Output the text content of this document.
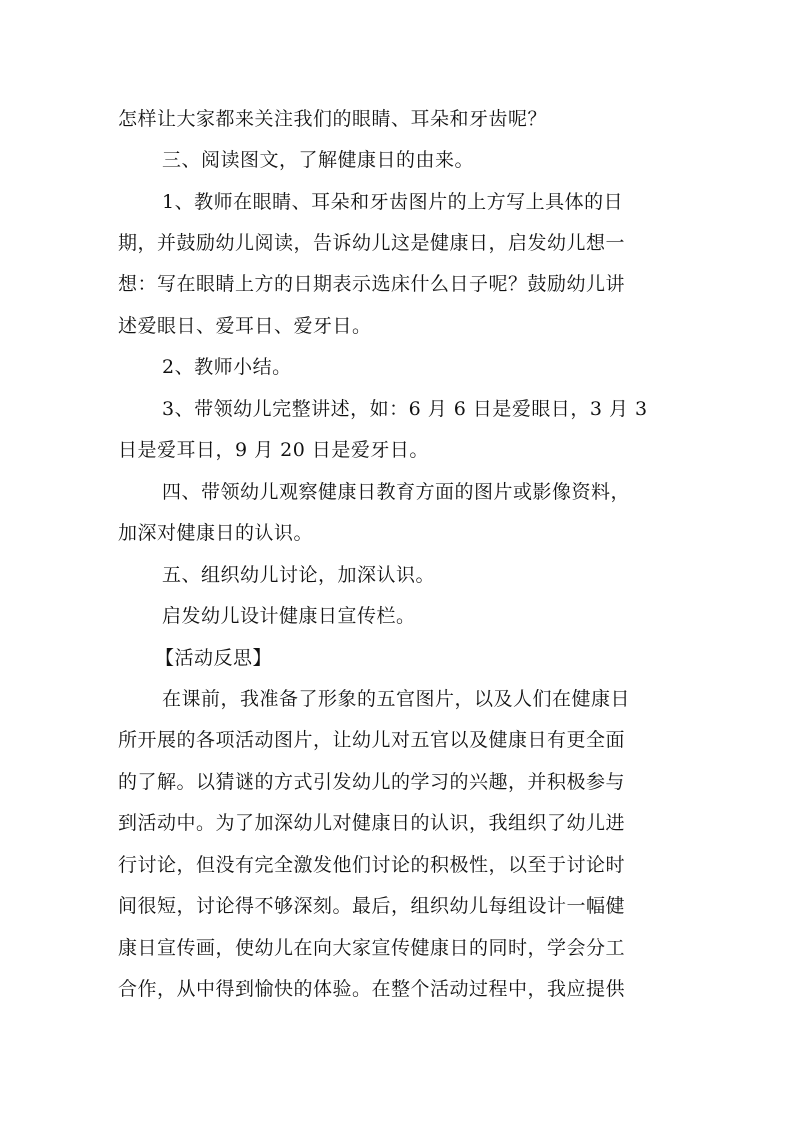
怎样让大家都来关注我们的眼睛、耳朵和牙齿呢？
三、阅读图文，了解健康日的由来。
1、教师在眼睛、耳朵和牙齿图片的上方写上具体的日
期，并鼓励幼儿阅读，告诉幼儿这是健康日，启发幼儿想一
想：写在眼睛上方的日期表示选床什么日子呢？鼓励幼儿讲
述爱眼日、爱耳日、爱牙日。
2、教师小结。
3、带领幼儿完整讲述，如：6 月 6 日是爱眼日，3 月 3
日是爱耳日，9 月 20 日是爱牙日。
四、带领幼儿观察健康日教育方面的图片或影像资料，
加深对健康日的认识。
五、组织幼儿讨论，加深认识。
启发幼儿设计健康日宣传栏。
【活动反思】
在课前，我准备了形象的五官图片，以及人们在健康日
所开展的各项活动图片，让幼儿对五官以及健康日有更全面
的了解。以猜谜的方式引发幼儿的学习的兴趣，并积极参与
到活动中。为了加深幼儿对健康日的认识，我组织了幼儿进
行讨论，但没有完全激发他们讨论的积极性，以至于讨论时
间很短，讨论得不够深刻。最后，组织幼儿每组设计一幅健
康日宣传画，使幼儿在向大家宣传健康日的同时，学会分工
合作，从中得到愉快的体验。在整个活动过程中，我应提供
